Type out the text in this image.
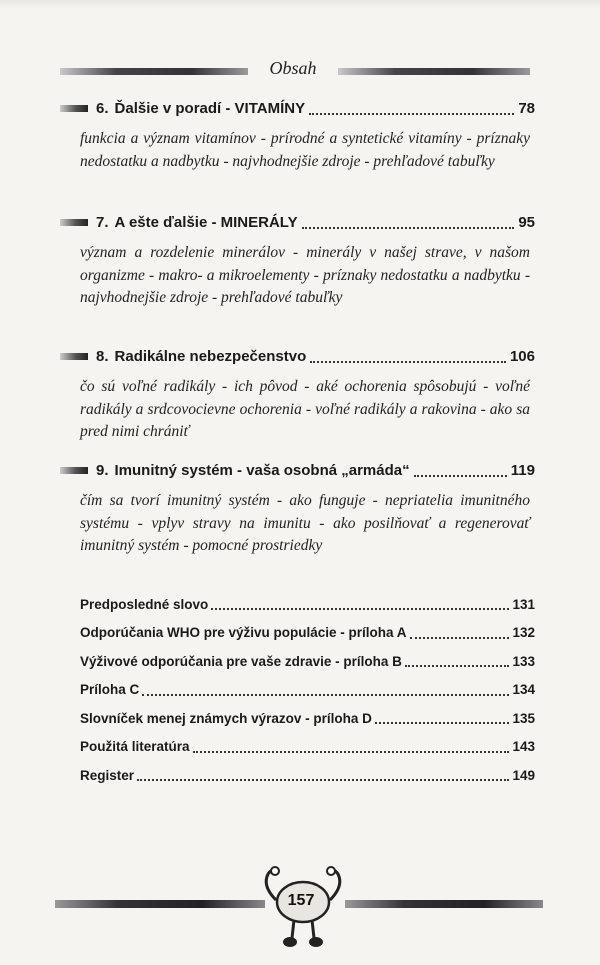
Obsah
6. Ďalšie v poradí - VITAMÍNY	78
funkcia a význam vitamínov - prírodné a syntetické vitamíny - príznaky nedostatku a nadbytku - najvhodnejšie zdroje - prehľadové tabuľky
7. A ešte ďalšie - MINERÁLY	95
význam a rozdelenie minerálov - minerály v našej strave, v našom organizme - makro- a mikroelementy - príznaky nedostatku a nadbytku - najvhodnejšie zdroje - prehľadové tabuľky
8. Radikálne nebezpečenstvo	106
čo sú voľné radikály - ich pôvod - aké ochorenia spôsobujú - voľné radikály a srdcovocievne ochorenia - voľné radikály a rakovina - ako sa pred nimi chrániť
9. Imunitný systém - vaša osobná „armáda“	119
čím sa tvorí imunitný systém - ako funguje - nepriatelia imunitného systému - vplyv stravy na imunitu - ako posilňovať a regenerovať imunitný systém - pomocné prostriedky
Predposledné slovo	131
Odporúčania WHO pre výživu populácie - príloha A	132
Výživové odporúčania pre vaše zdravie - príloha B	133
Príloha C	134
Slovníček menej známych výrazov - príloha D	135
Použitá literatúra	143
Register	149
157
